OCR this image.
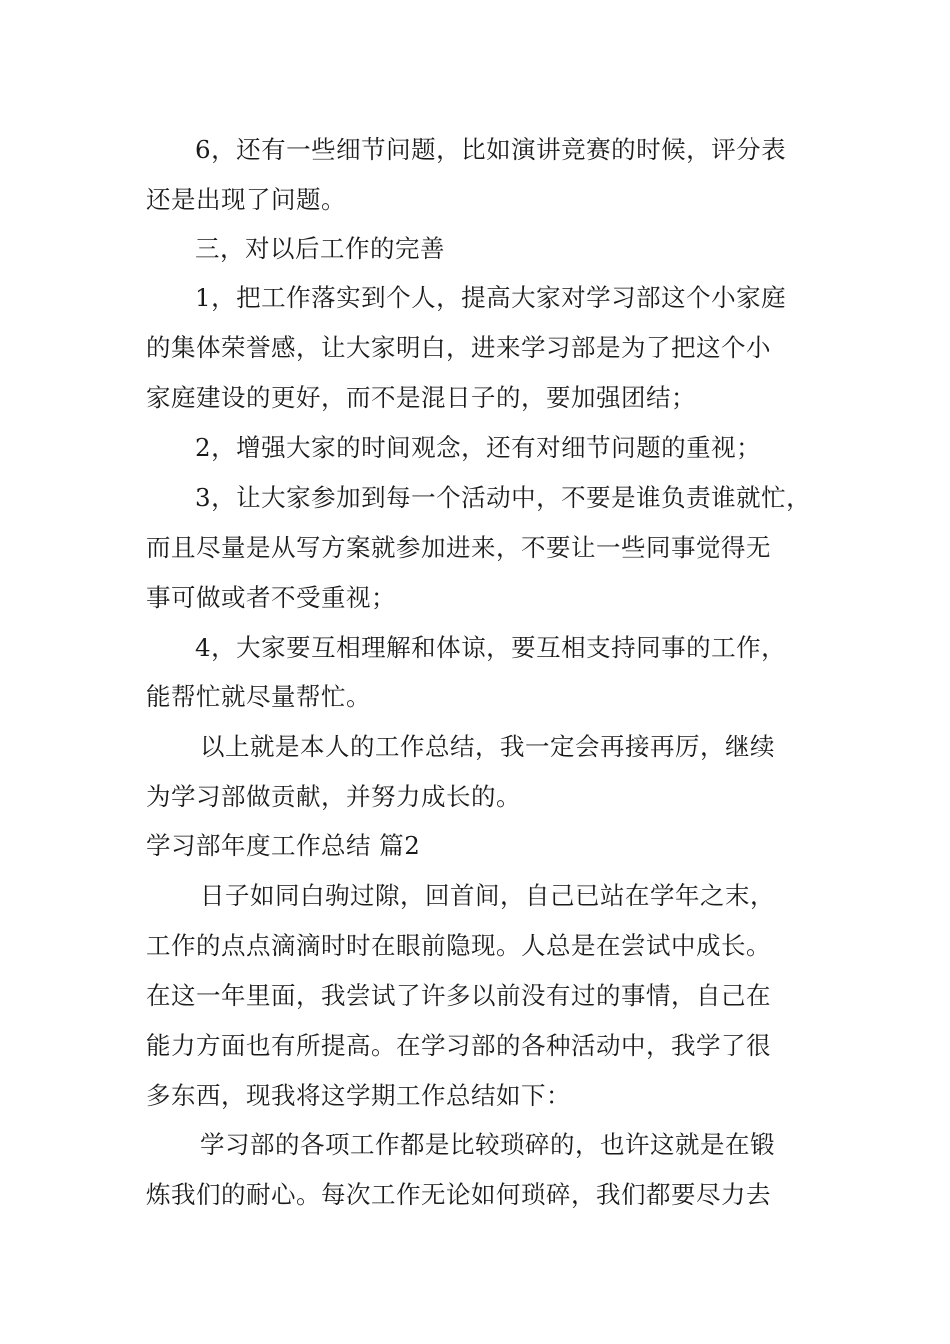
6，还有一些细节问题，比如演讲竞赛的时候，评分表
还是出现了问题。
三，对以后工作的完善
1，把工作落实到个人，提高大家对学习部这个小家庭
的集体荣誉感，让大家明白，进来学习部是为了把这个小
家庭建设的更好，而不是混日子的，要加强团结；
2，增强大家的时间观念，还有对细节问题的重视；
3，让大家参加到每一个活动中，不要是谁负责谁就忙，
而且尽量是从写方案就参加进来，不要让一些同事觉得无
事可做或者不受重视；
4，大家要互相理解和体谅，要互相支持同事的工作，
能帮忙就尽量帮忙。
以上就是本人的工作总结，我一定会再接再厉，继续
为学习部做贡献，并努力成长的。
学习部年度工作总结 篇2
日子如同白驹过隙，回首间，自己已站在学年之末，
工作的点点滴滴时时在眼前隐现。人总是在尝试中成长。
在这一年里面，我尝试了许多以前没有过的事情，自己在
能力方面也有所提高。在学习部的各种活动中，我学了很
多东西，现我将这学期工作总结如下：
学习部的各项工作都是比较琐碎的，也许这就是在锻
炼我们的耐心。每次工作无论如何琐碎，我们都要尽力去
